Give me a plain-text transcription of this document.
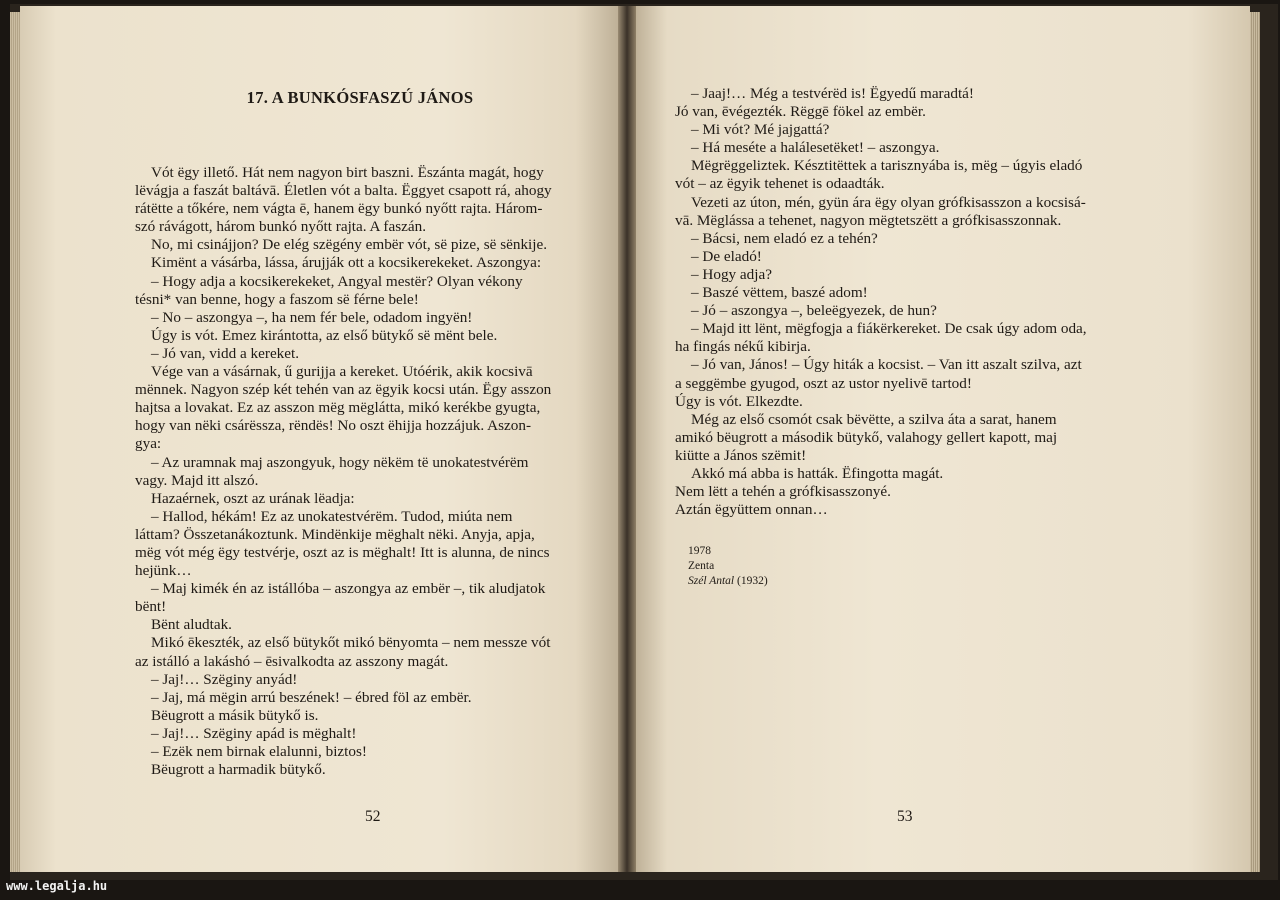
17. A BUNKÓSFASZÚ JÁNOS
Vót ëgy illető. Hát nem nagyon birt baszni. Ëszánta magát, hogy
lëvágja a faszát baltávā. Életlen vót a balta. Ëggyet csapott rá, ahogy
rátëtte a tőkére, nem vágta ē, hanem ëgy bunkó nyőtt rajta. Három-
szó rávágott, három bunkó nyőtt rajta. A faszán.
No, mi csinájjon? De elég szëgény embër vót, së pize, së sënkije.
Kimënt a vásárba, lássa, árujják ott a kocsikerekeket. Aszongya:
– Hogy adja a kocsikerekeket, Angyal mestër? Olyan vékony
tésni* van benne, hogy a faszom së férne bele!
– No – aszongya –, ha nem fér bele, odadom ingyën!
Úgy is vót. Emez kirántotta, az első bütykő së mënt bele.
– Jó van, vidd a kereket.
Vége van a vásárnak, ű gurijja a kereket. Utóérik, akik kocsivā
mënnek. Nagyon szép két tehén van az ëgyik kocsi után. Ëgy asszon
hajtsa a lovakat. Ez az asszon mëg mëglátta, mikó kerékbe gyugta,
hogy van nëki csárëssza, rëndës! No oszt ëhijja hozzájuk. Aszon-
gya:
– Az uramnak maj aszongyuk, hogy nëkëm të unokatestvérëm
vagy. Majd itt alszó.
Hazaérnek, oszt az urának lëadja:
– Hallod, hékám! Ez az unokatestvérëm. Tudod, miúta nem
láttam? Összetanákoztunk. Mindënkije mëghalt nëki. Anyja, apja,
mëg vót még ëgy testvérje, oszt az is mëghalt! Itt is alunna, de nincs
hejünk…
– Maj kimék én az istállóba – aszongya az embër –, tik aludjatok
bënt!
Bënt aludtak.
Mikó ēkeszték, az első bütykőt mikó bënyomta – nem messze vót
az istálló a lakáshó – ēsivalkodta az asszony magát.
– Jaj!… Szëginy anyád!
– Jaj, má mëgin arrú beszének! – ébred föl az embër.
Bëugrott a másik bütykő is.
– Jaj!… Szëginy apád is mëghalt!
– Ezëk nem birnak elalunni, biztos!
Bëugrott a harmadik bütykő.
52
– Jaaj!… Még a testvérëd is! Ëgyedű maradtá!
Jó van, ēvégezték. Rëggē fökel az embër.
– Mi vót? Mé jajgattá?
– Há meséte a halálesetëket! – aszongya.
Mëgrëggeliztek. Késztitëttek a tarisznyába is, mëg – úgyis eladó
vót – az ëgyik tehenet is odaadták.
Vezeti az úton, mén, gyün ára ëgy olyan grófkisasszon a kocsisá-
vā. Mëglássa a tehenet, nagyon mëgtetszëtt a grófkisasszonnak.
– Bácsi, nem eladó ez a tehén?
– De eladó!
– Hogy adja?
– Baszé vëttem, baszé adom!
– Jó – aszongya –, beleëgyezek, de hun?
– Majd itt lënt, mëgfogja a fiákërkereket. De csak úgy adom oda,
ha fingás nékű kibirja.
– Jó van, János! – Úgy hiták a kocsist. – Van itt aszalt szilva, azt
a seggëmbe gyugod, oszt az ustor nyelivē tartod!
Úgy is vót. Elkezdte.
Még az első csomót csak bëvëtte, a szilva áta a sarat, hanem
amikó bëugrott a második bütykő, valahogy gellert kapott, maj
kiütte a János szëmit!
Akkó má abba is hatták. Ëfingotta magát.
Nem lëtt a tehén a grófkisasszonyé.
Aztán ëgyüttem onnan…
1978
Zenta
Szél Antal (1932)
53
www.legalja.hu
